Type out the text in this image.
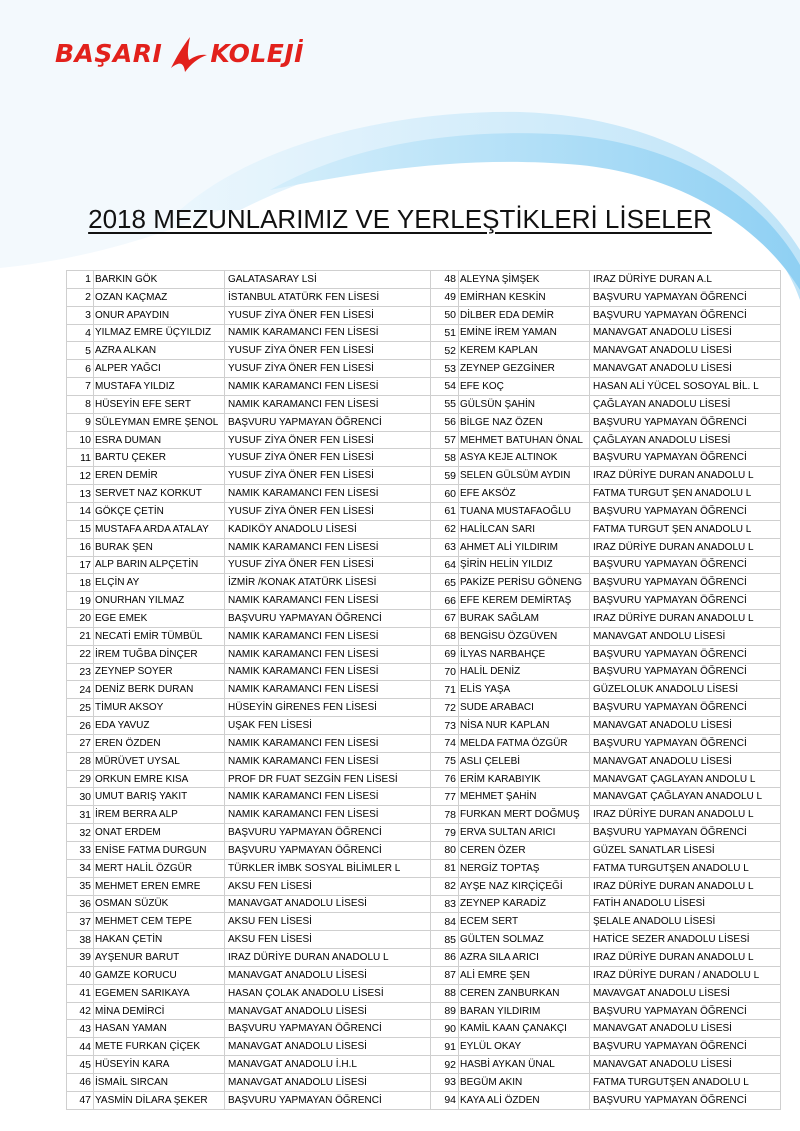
BAŞARI KOLEJİ
2018 MEZUNLARIMIZ VE YERLEŞTİKLERİ LİSELER
1	BARKIN GÖK	GALATASARAY LSİ
2	OZAN KAÇMAZ	İSTANBUL ATATÜRK FEN LİSESİ
3	ONUR APAYDIN	YUSUF ZİYA ÖNER FEN LİSESİ
4	YILMAZ EMRE ÜÇYILDIZ	NAMIK KARAMANCI FEN LİSESİ
5	AZRA ALKAN	YUSUF ZİYA ÖNER FEN LİSESİ
6	ALPER YAĞCI	YUSUF ZİYA ÖNER FEN LİSESİ
7	MUSTAFA YILDIZ	NAMIK KARAMANCI FEN LİSESİ
8	HÜSEYİN EFE SERT	NAMIK KARAMANCI FEN LİSESİ
9	SÜLEYMAN EMRE ŞENOL	BAŞVURU YAPMAYAN ÖĞRENCİ
10	ESRA DUMAN	YUSUF ZİYA ÖNER FEN LİSESİ
11	BARTU ÇEKER	YUSUF ZİYA ÖNER FEN LİSESİ
12	EREN DEMİR	YUSUF ZİYA ÖNER FEN LİSESİ
13	SERVET NAZ KORKUT	NAMIK KARAMANCI FEN LİSESİ
14	GÖKÇE ÇETİN	YUSUF ZİYA ÖNER FEN LİSESİ
15	MUSTAFA ARDA ATALAY	KADIKÖY ANADOLU LİSESİ
16	BURAK ŞEN	NAMIK KARAMANCI FEN LİSESİ
17	ALP BARIN ALPÇETİN	YUSUF ZİYA ÖNER FEN LİSESİ
18	ELÇİN AY	İZMİR /KONAK ATATÜRK LİSESİ
19	ONURHAN YILMAZ	NAMIK KARAMANCI FEN LİSESİ
20	EGE EMEK	BAŞVURU YAPMAYAN ÖĞRENCİ
21	NECATİ EMİR TÜMBÜL	NAMIK KARAMANCI FEN LİSESİ
22	İREM TUĞBA DİNÇER	NAMIK KARAMANCI FEN LİSESİ
23	ZEYNEP SOYER	NAMIK KARAMANCI FEN LİSESİ
24	DENİZ BERK DURAN	NAMIK KARAMANCI FEN LİSESİ
25	TİMUR AKSOY	HÜSEYİN GİRENES FEN LİSESİ
26	EDA YAVUZ	UŞAK FEN LİSESİ
27	EREN ÖZDEN	NAMIK KARAMANCI FEN LİSESİ
28	MÜRÜVET UYSAL	NAMIK KARAMANCI FEN LİSESİ
29	ORKUN EMRE KISA	PROF DR FUAT SEZGİN FEN LİSESİ
30	UMUT BARIŞ YAKIT	NAMIK KARAMANCI FEN LİSESİ
31	İREM BERRA ALP	NAMIK KARAMANCI FEN LİSESİ
32	ONAT ERDEM	BAŞVURU YAPMAYAN ÖĞRENCİ
33	ENİSE FATMA DURGUN	BAŞVURU YAPMAYAN ÖĞRENCİ
34	MERT HALİL ÖZGÜR	TÜRKLER İMBK SOSYAL BİLİMLER L
35	MEHMET EREN EMRE	AKSU FEN LİSESİ
36	OSMAN SÜZÜK	MANAVGAT ANADOLU LİSESİ
37	MEHMET CEM TEPE	AKSU FEN LİSESİ
38	HAKAN ÇETİN	AKSU FEN LİSESİ
39	AYŞENUR BARUT	IRAZ DÜRİYE DURAN ANADOLU L
40	GAMZE KORUCU	MANAVGAT ANADOLU LİSESİ
41	EGEMEN SARIKAYA	HASAN ÇOLAK ANADOLU LİSESİ
42	MİNA DEMİRCİ	MANAVGAT ANADOLU LİSESİ
43	HASAN YAMAN	BAŞVURU YAPMAYAN ÖĞRENCİ
44	METE FURKAN ÇİÇEK	MANAVGAT ANADOLU LİSESİ
45	HÜSEYİN KARA	MANAVGAT ANADOLU İ.H.L
46	İSMAİL SIRCAN	MANAVGAT ANADOLU LİSESİ
47	YASMİN DİLARA ŞEKER	BAŞVURU YAPMAYAN ÖĞRENCİ
48	ALEYNA ŞİMŞEK	IRAZ DÜRİYE DURAN A.L
49	EMİRHAN KESKİN	BAŞVURU YAPMAYAN ÖĞRENCİ
50	DİLBER EDA DEMİR	BAŞVURU YAPMAYAN ÖĞRENCİ
51	EMİNE İREM YAMAN	MANAVGAT ANADOLU LİSESİ
52	KEREM KAPLAN	MANAVGAT ANADOLU LİSESİ
53	ZEYNEP GEZGİNER	MANAVGAT ANADOLU LİSESİ
54	EFE KOÇ	HASAN ALİ YÜCEL SOSOYAL BİL. L
55	GÜLSÜN ŞAHİN	ÇAĞLAYAN ANADOLU LİSESİ
56	BİLGE NAZ ÖZEN	BAŞVURU YAPMAYAN ÖĞRENCİ
57	MEHMET BATUHAN ÖNAL	ÇAĞLAYAN ANADOLU LİSESİ
58	ASYA KEJE ALTINOK	BAŞVURU YAPMAYAN ÖĞRENCİ
59	SELEN GÜLSÜM AYDIN	IRAZ DÜRİYE DURAN ANADOLU L
60	EFE AKSÖZ	FATMA TURGUT ŞEN ANADOLU L
61	TUANA MUSTAFAOĞLU	BAŞVURU YAPMAYAN ÖĞRENCİ
62	HALİLCAN SARI	FATMA TURGUT ŞEN ANADOLU L
63	AHMET ALİ YILDIRIM	IRAZ DÜRİYE DURAN ANADOLU L
64	ŞİRİN HELİN YILDIZ	BAŞVURU YAPMAYAN ÖĞRENCİ
65	PAKİZE PERİSU GÖNENG	BAŞVURU YAPMAYAN ÖĞRENCİ
66	EFE KEREM DEMİRTAŞ	BAŞVURU YAPMAYAN ÖĞRENCİ
67	BURAK SAĞLAM	IRAZ DÜRİYE DURAN ANADOLU L
68	BENGİSU ÖZGÜVEN	MANAVGAT ANDOLU LİSESİ
69	İLYAS NARBAHÇE	BAŞVURU YAPMAYAN ÖĞRENCİ
70	HALİL DENİZ	BAŞVURU YAPMAYAN ÖĞRENCİ
71	ELİS YAŞA	GÜZELOLUK ANADOLU LİSESİ
72	SUDE ARABACI	BAŞVURU YAPMAYAN ÖĞRENCİ
73	NİSA NUR KAPLAN	MANAVGAT ANADOLU LİSESİ
74	MELDA FATMA ÖZGÜR	BAŞVURU YAPMAYAN ÖĞRENCİ
75	ASLI ÇELEBİ	MANAVGAT ANADOLU LİSESİ
76	ERİM KARABIYIK	MANAVGAT ÇAGLAYAN ANDOLU L
77	MEHMET ŞAHİN	MANAVGAT ÇAĞLAYAN ANADOLU L
78	FURKAN MERT DOĞMUŞ	IRAZ DÜRİYE DURAN ANADOLU L
79	ERVA SULTAN ARICI	BAŞVURU YAPMAYAN ÖĞRENCİ
80	CEREN ÖZER	GÜZEL SANATLAR LİSESİ
81	NERGİZ TOPTAŞ	FATMA TURGUTŞEN ANADOLU L
82	AYŞE NAZ KIRÇİÇEĞİ	IRAZ DÜRİYE DURAN ANADOLU L
83	ZEYNEP KARADİZ	FATİH ANADOLU LİSESİ
84	ECEM SERT	ŞELALE ANADOLU LİSESİ
85	GÜLTEN SOLMAZ	HATİCE SEZER ANADOLU LİSESİ
86	AZRA SILA ARICI	IRAZ DÜRİYE DURAN ANADOLU L
87	ALİ EMRE ŞEN	IRAZ DÜRİYE DURAN / ANADOLU L
88	CEREN ZANBURKAN	MAVAVGAT ANADOLU LİSESİ
89	BARAN YILDIRIM	BAŞVURU YAPMAYAN ÖĞRENCİ
90	KAMİL KAAN ÇANAKÇI	MANAVGAT ANADOLU LİSESİ
91	EYLÜL OKAY	BAŞVURU YAPMAYAN ÖĞRENCİ
92	HASBİ AYKAN ÜNAL	MANAVGAT ANADOLU LİSESİ
93	BEGÜM AKIN	FATMA TURGUTŞEN ANADOLU L
94	KAYA ALİ ÖZDEN	BAŞVURU YAPMAYAN ÖĞRENCİ
